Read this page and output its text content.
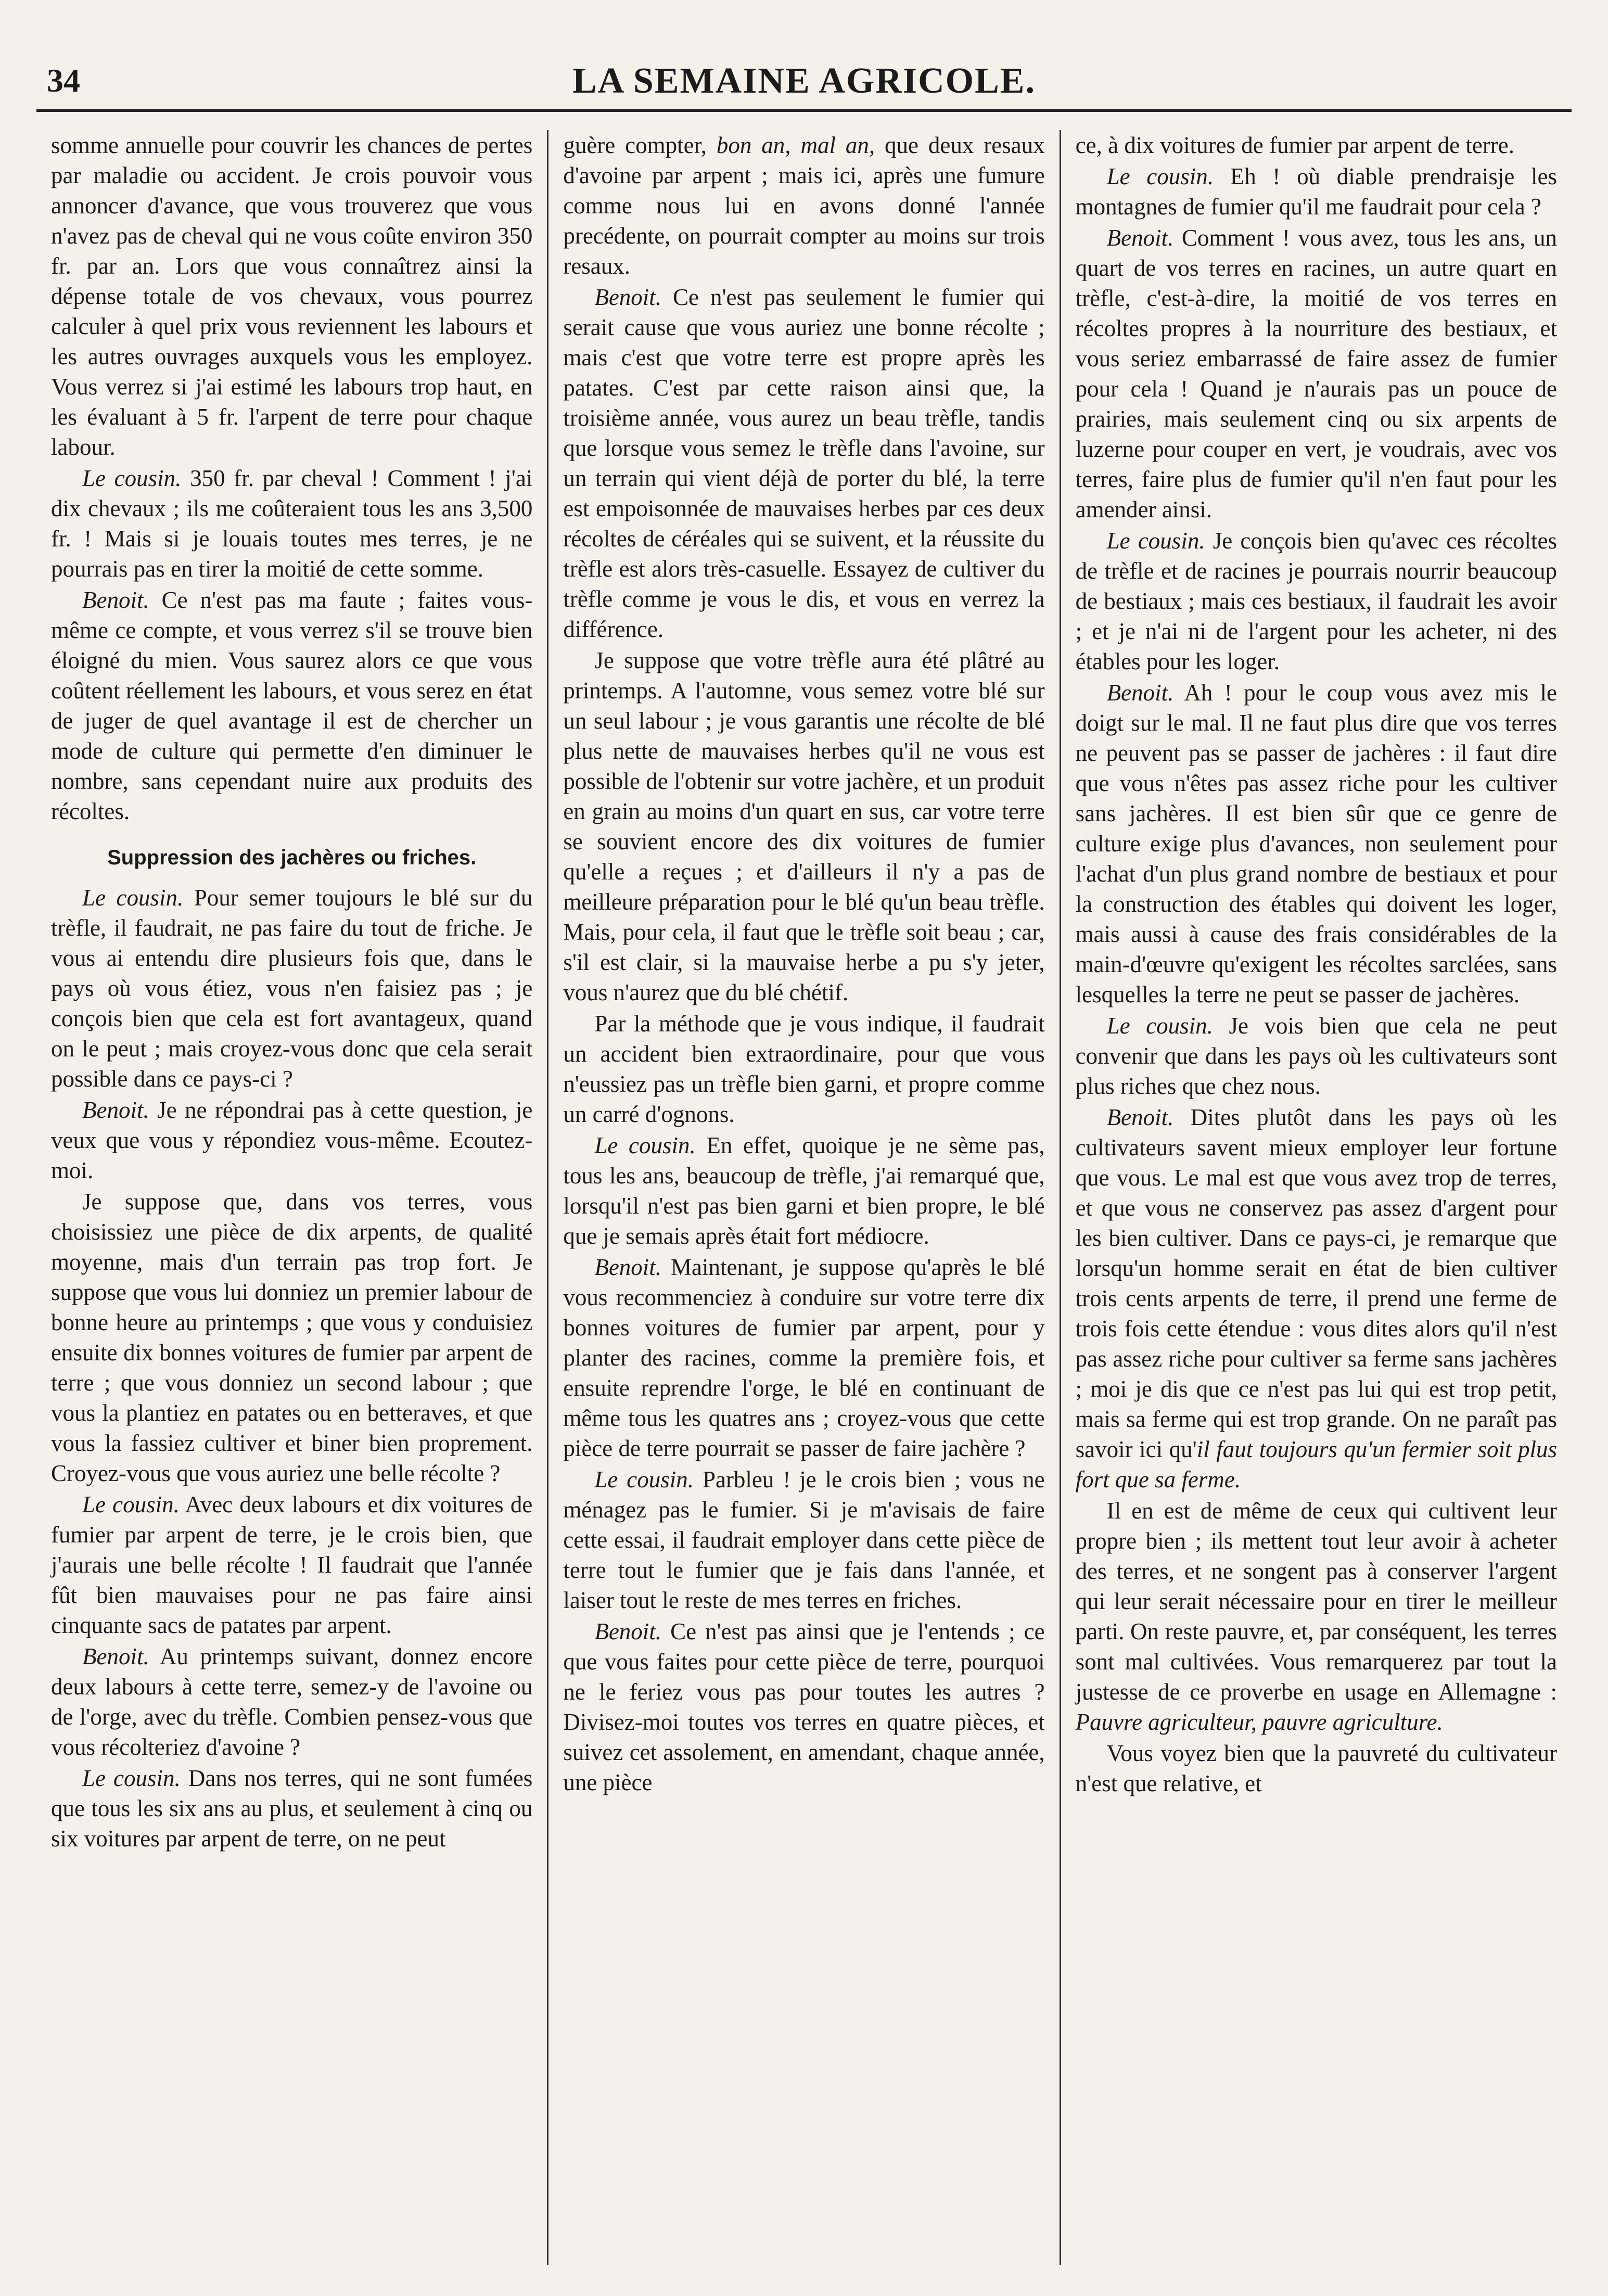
34	LA SEMAINE AGRICOLE.

somme annuelle pour couvrir les chances de pertes par maladie ou accident. Je crois pouvoir vous annoncer d'avance, que vous trouverez que vous n'avez pas de cheval qui ne vous coûte environ 350 fr. par an. Lors que vous connaîtrez ainsi la dépense totale de vos chevaux, vous pourrez calculer à quel prix vous reviennent les labours et les autres ouvrages auxquels vous les employez. Vous verrez si j'ai estimé les labours trop haut, en les évaluant à 5 fr. l'arpent de terre pour chaque labour.

Le cousin. 350 fr. par cheval ! Comment ! j'ai dix chevaux ; ils me coûteraient tous les ans 3,500 fr. ! Mais si je louais toutes mes terres, je ne pourrais pas en tirer la moitié de cette somme.

Benoit. Ce n'est pas ma faute ; faites vous-même ce compte, et vous verrez s'il se trouve bien éloigné du mien. Vous saurez alors ce que vous coûtent réellement les labours, et vous serez en état de juger de quel avantage il est de chercher un mode de culture qui permette d'en diminuer le nombre, sans cependant nuire aux produits des récoltes.

Suppression des jachères ou friches.

Le cousin. Pour semer toujours le blé sur du trèfle, il faudrait, ne pas faire du tout de friche. Je vous ai entendu dire plusieurs fois que, dans le pays où vous étiez, vous n'en faisiez pas ; je conçois bien que cela est fort avantageux, quand on le peut ; mais croyez-vous donc que cela serait possible dans ce pays-ci ?

Benoit. Je ne répondrai pas à cette question, je veux que vous y répondiez vous-même. Ecoutez-moi.

Je suppose que, dans vos terres, vous choisissiez une pièce de dix arpents, de qualité moyenne, mais d'un terrain pas trop fort. Je suppose que vous lui donniez un premier labour de bonne heure au printemps ; que vous y conduisiez ensuite dix bonnes voitures de fumier par arpent de terre ; que vous donniez un second labour ; que vous la plantiez en patates ou en betteraves, et que vous la fassiez cultiver et biner bien proprement. Croyez-vous que vous auriez une belle récolte ?

Le cousin. Avec deux labours et dix voitures de fumier par arpent de terre, je le crois bien, que j'aurais une belle récolte ! Il faudrait que l'année fût bien mauvaises pour ne pas faire ainsi cinquante sacs de patates par arpent.

Benoit. Au printemps suivant, donnez encore deux labours à cette terre, semez-y de l'avoine ou de l'orge, avec du trèfle. Combien pensez-vous que vous récolteriez d'avoine ?

Le cousin. Dans nos terres, qui ne sont fumées que tous les six ans au plus, et seulement à cinq ou six voitures par arpent de terre, on ne peut

guère compter, bon an, mal an, que deux resaux d'avoine par arpent ; mais ici, après une fumure comme nous lui en avons donné l'année precédente, on pourrait compter au moins sur trois resaux.

Benoit. Ce n'est pas seulement le fumier qui serait cause que vous auriez une bonne récolte ; mais c'est que votre terre est propre après les patates. C'est par cette raison ainsi que, la troisième année, vous aurez un beau trèfle, tandis que lorsque vous semez le trèfle dans l'avoine, sur un terrain qui vient déjà de porter du blé, la terre est empoisonnée de mauvaises herbes par ces deux récoltes de céréales qui se suivent, et la réussite du trèfle est alors très-casuelle. Essayez de cultiver du trèfle comme je vous le dis, et vous en verrez la différence.

Je suppose que votre trèfle aura été plâtré au printemps. A l'automne, vous semez votre blé sur un seul labour ; je vous garantis une récolte de blé plus nette de mauvaises herbes qu'il ne vous est possible de l'obtenir sur votre jachère, et un produit en grain au moins d'un quart en sus, car votre terre se souvient encore des dix voitures de fumier qu'elle a reçues ; et d'ailleurs il n'y a pas de meilleure préparation pour le blé qu'un beau trèfle. Mais, pour cela, il faut que le trèfle soit beau ; car, s'il est clair, si la mauvaise herbe a pu s'y jeter, vous n'aurez que du blé chétif.

Par la méthode que je vous indique, il faudrait un accident bien extraordinaire, pour que vous n'eussiez pas un trèfle bien garni, et propre comme un carré d'ognons.

Le cousin. En effet, quoique je ne sème pas, tous les ans, beaucoup de trèfle, j'ai remarqué que, lorsqu'il n'est pas bien garni et bien propre, le blé que je semais après était fort médiocre.

Benoit. Maintenant, je suppose qu'après le blé vous recommenciez à conduire sur votre terre dix bonnes voitures de fumier par arpent, pour y planter des racines, comme la première fois, et ensuite reprendre l'orge, le blé en continuant de même tous les quatres ans ; croyez-vous que cette pièce de terre pourrait se passer de faire jachère ?

Le cousin. Parbleu ! je le crois bien ; vous ne ménagez pas le fumier. Si je m'avisais de faire cette essai, il faudrait employer dans cette pièce de terre tout le fumier que je fais dans l'année, et laiser tout le reste de mes terres en friches.

Benoit. Ce n'est pas ainsi que je l'entends ; ce que vous faites pour cette pièce de terre, pourquoi ne le feriez vous pas pour toutes les autres ? Divisez-moi toutes vos terres en quatre pièces, et suivez cet assolement, en amendant, chaque année, une pièce

ce, à dix voitures de fumier par arpent de terre.

Le cousin. Eh ! où diable prendraisje les montagnes de fumier qu'il me faudrait pour cela ?

Benoit. Comment ! vous avez, tous les ans, un quart de vos terres en racines, un autre quart en trèfle, c'est-à-dire, la moitié de vos terres en récoltes propres à la nourriture des bestiaux, et vous seriez embarrassé de faire assez de fumier pour cela ! Quand je n'aurais pas un pouce de prairies, mais seulement cinq ou six arpents de luzerne pour couper en vert, je voudrais, avec vos terres, faire plus de fumier qu'il n'en faut pour les amender ainsi.

Le cousin. Je conçois bien qu'avec ces récoltes de trèfle et de racines je pourrais nourrir beaucoup de bestiaux ; mais ces bestiaux, il faudrait les avoir ; et je n'ai ni de l'argent pour les acheter, ni des étables pour les loger.

Benoit. Ah ! pour le coup vous avez mis le doigt sur le mal. Il ne faut plus dire que vos terres ne peuvent pas se passer de jachères : il faut dire que vous n'êtes pas assez riche pour les cultiver sans jachères. Il est bien sûr que ce genre de culture exige plus d'avances, non seulement pour l'achat d'un plus grand nombre de bestiaux et pour la construction des étables qui doivent les loger, mais aussi à cause des frais considérables de la main-d'œuvre qu'exigent les récoltes sarclées, sans lesquelles la terre ne peut se passer de jachères.

Le cousin. Je vois bien que cela ne peut convenir que dans les pays où les cultivateurs sont plus riches que chez nous.

Benoit. Dites plutôt dans les pays où les cultivateurs savent mieux employer leur fortune que vous. Le mal est que vous avez trop de terres, et que vous ne conservez pas assez d'argent pour les bien cultiver. Dans ce pays-ci, je remarque que lorsqu'un homme serait en état de bien cultiver trois cents arpents de terre, il prend une ferme de trois fois cette étendue : vous dites alors qu'il n'est pas assez riche pour cultiver sa ferme sans jachères ; moi je dis que ce n'est pas lui qui est trop petit, mais sa ferme qui est trop grande. On ne paraît pas savoir ici qu'il faut toujours qu'un fermier soit plus fort que sa ferme.

Il en est de même de ceux qui cultivent leur propre bien ; ils mettent tout leur avoir à acheter des terres, et ne songent pas à conserver l'argent qui leur serait nécessaire pour en tirer le meilleur parti. On reste pauvre, et, par conséquent, les terres sont mal cultivées. Vous remarquerez par tout la justesse de ce proverbe en usage en Allemagne : Pauvre agriculteur, pauvre agriculture.

Vous voyez bien que la pauvreté du cultivateur n'est que relative, et
